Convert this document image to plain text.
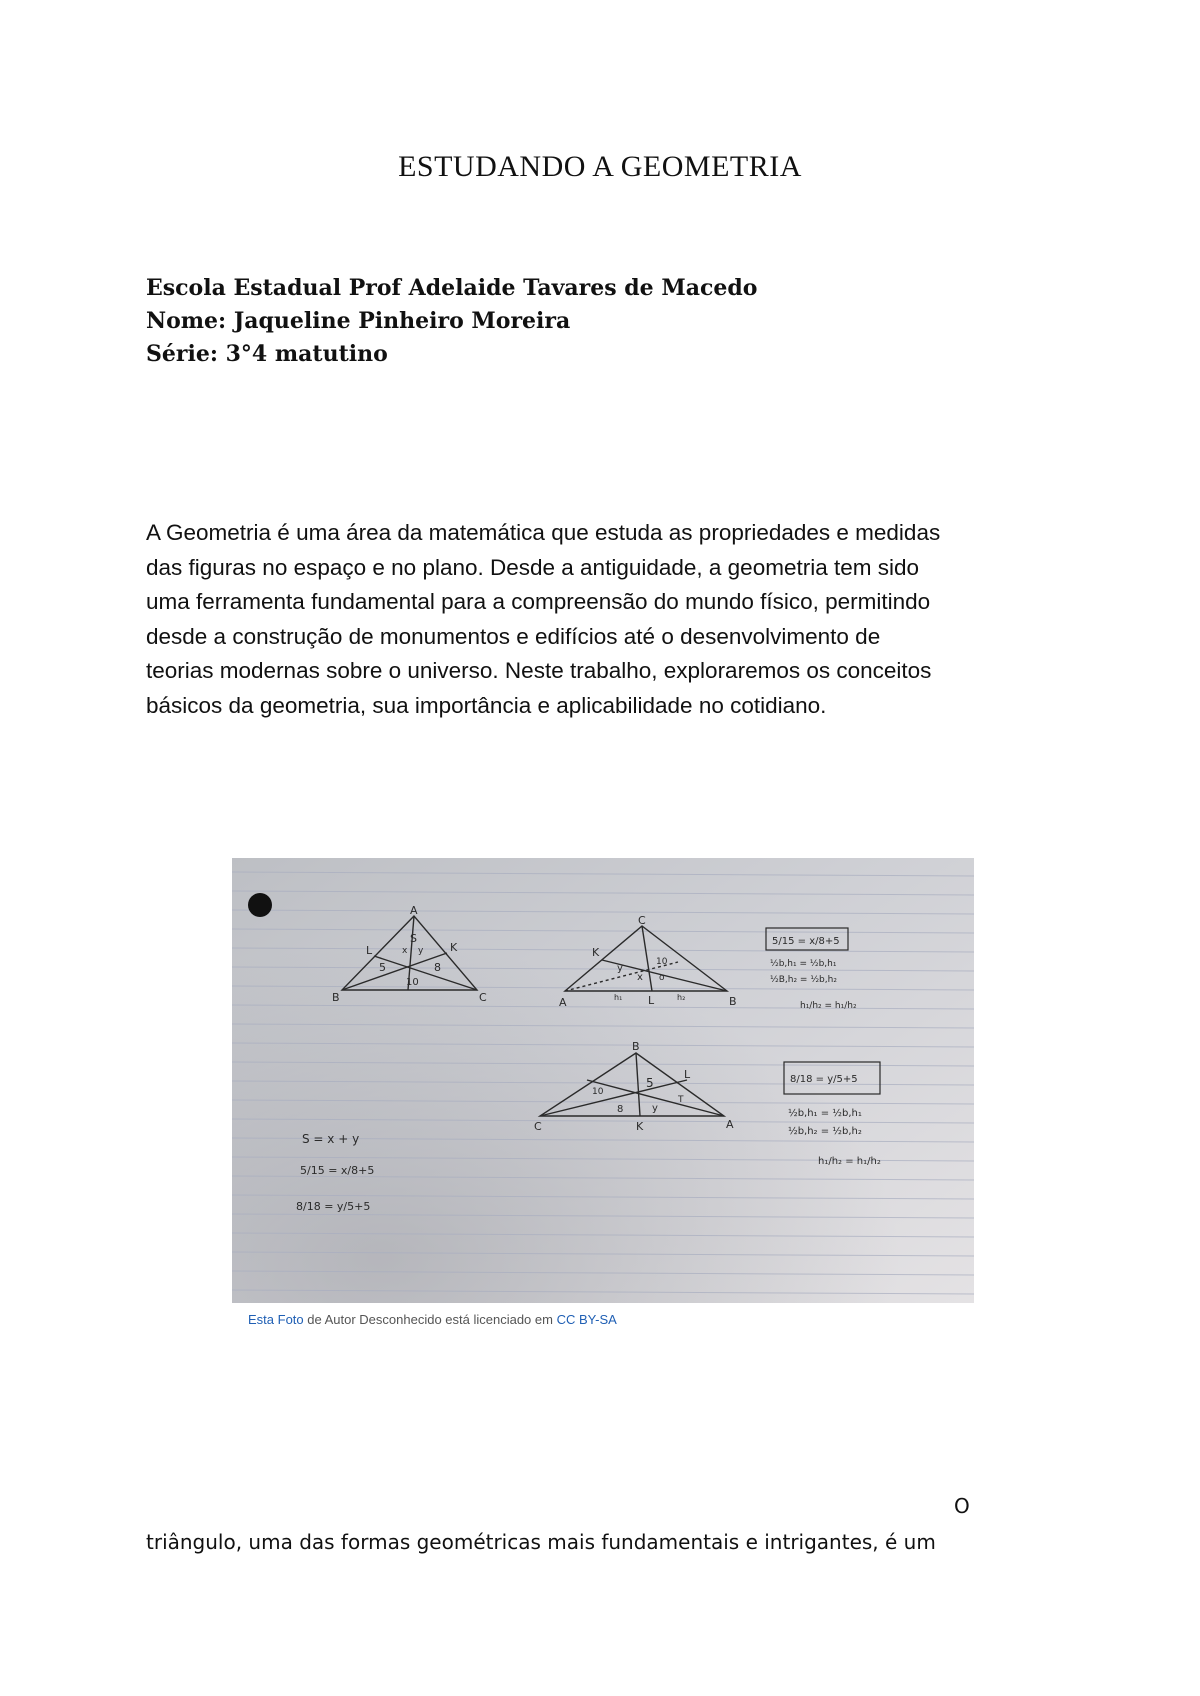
ESTUDANDO A GEOMETRIA
Escola Estadual Prof Adelaide Tavares de Macedo
Nome: Jaqueline Pinheiro Moreira
Série: 3°4 matutino
A Geometria é uma área da matemática que estuda as propriedades e medidas
das figuras no espaço e no plano. Desde a antiguidade, a geometria tem sido
uma ferramenta fundamental para a compreensão do mundo físico, permitindo
desde a construção de monumentos e edifícios até o desenvolvimento de
teorias modernas sobre o universo. Neste trabalho, exploraremos os conceitos
básicos da geometria, sua importância e aplicabilidade no cotidiano.
A
B	C
L	K
S
x y
5	8
10
C
A	B
K
L
y
x
10
o
h₁	h₂
B
C	A
K
L
5
10
8	y
T
5/15 = x/8+5
½b,h₁ = ½b,h₁
½B,h₂ = ½b,h₂
h₁/h₂ = h₁/h₂
8/18 = y/5+5
½b,h₁ = ½b,h₁
½b,h₂ = ½b,h₂
h₁/h₂ = h₁/h₂
S = x + y
5/15 = x/8+5
8/18 = y/5+5
Esta Foto de Autor Desconhecido está licenciado em CC BY-SA
O
triângulo, uma das formas geométricas mais fundamentais e intrigantes, é um
